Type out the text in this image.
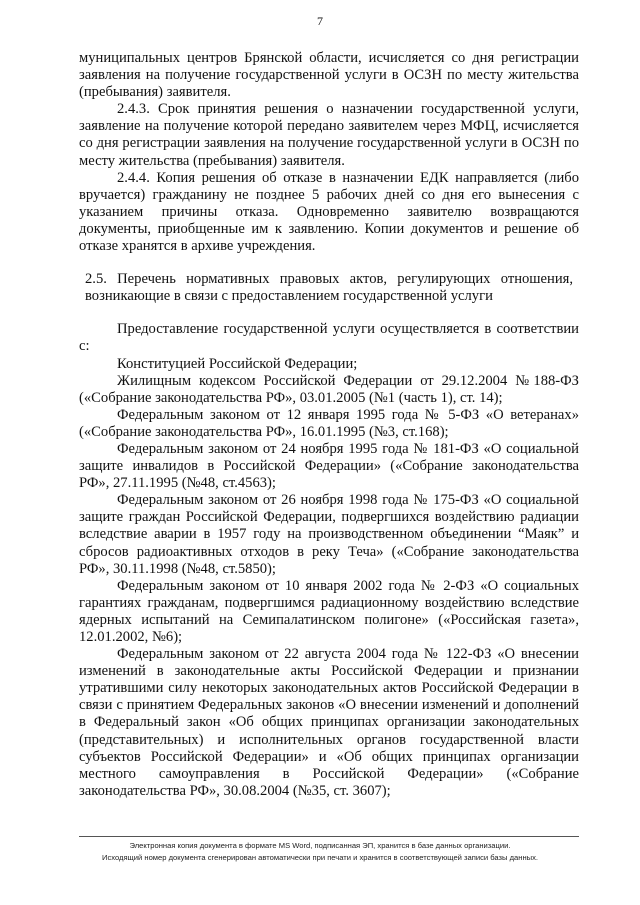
7

муниципальных центров Брянской области, исчисляется со дня регистрации заявления на получение государственной услуги в ОСЗН по месту жительства (пребывания) заявителя.

2.4.3. Срок принятия решения о назначении государственной услуги, заявление на получение которой передано заявителем через МФЦ, исчисляется со дня регистрации заявления на получение государственной услуги в ОСЗН по месту жительства (пребывания) заявителя.

2.4.4. Копия решения об отказе в назначении ЕДК направляется (либо вручается) гражданину не позднее 5 рабочих дней со дня его вынесения с указанием причины отказа. Одновременно заявителю возвращаются документы, приобщенные им к заявлению. Копии документов и решение об отказе хранятся в архиве учреждения.

2.5. Перечень нормативных правовых актов, регулирующих отношения, возникающие в связи с предоставлением государственной услуги

Предоставление государственной услуги осуществляется в соответствии с:

Конституцией Российской Федерации;

Жилищным кодексом Российской Федерации от 29.12.2004 №188-ФЗ («Собрание законодательства РФ», 03.01.2005 (№1 (часть 1), ст. 14);

Федеральным законом от 12 января 1995 года № 5-ФЗ «О ветеранах» («Собрание законодательства РФ», 16.01.1995 (№3, ст.168);

Федеральным законом от 24 ноября 1995 года № 181-ФЗ «О социальной защите инвалидов в Российской Федерации» («Собрание законодательства РФ», 27.11.1995 (№48, ст.4563);

Федеральным законом от 26 ноября 1998 года № 175-ФЗ «О социальной защите граждан Российской Федерации, подвергшихся воздействию радиации вследствие аварии в 1957 году на производственном объединении “Маяк” и сбросов радиоактивных отходов в реку Теча» («Собрание законодательства РФ», 30.11.1998 (№48, ст.5850);

Федеральным законом от 10 января 2002 года № 2-ФЗ «О социальных гарантиях гражданам, подвергшимся радиационному воздействию вследствие ядерных испытаний на Семипалатинском полигоне» («Российская газета», 12.01.2002, №6);

Федеральным законом от 22 августа 2004 года № 122-ФЗ «О внесении изменений в законодательные акты Российской Федерации и признании утратившими силу некоторых законодательных актов Российской Федерации в связи с принятием Федеральных законов «О внесении изменений и дополнений в Федеральный закон «Об общих принципах организации законодательных (представительных) и исполнительных органов государственной власти субъектов Российской Федерации» и «Об общих принципах организации местного самоуправления в Российской Федерации» («Собрание законодательства РФ», 30.08.2004 (№35, ст. 3607);

Электронная копия документа в формате MS Word, подписанная ЭП, хранится в базе данных организации.
Исходящий номер документа сгенерирован автоматически при печати и хранится в соответствующей записи базы данных.
